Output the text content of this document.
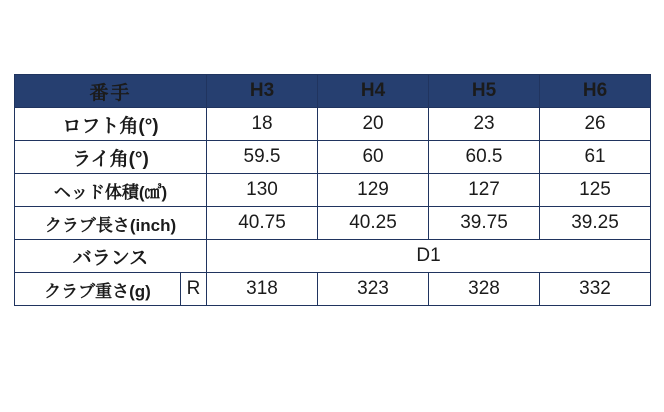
番手		H3	H4	H5	H6
ロフト角(°)		18	20	23	26
ライ角(°)		59.5	60	60.5	61
ヘッド体積(㎤)		130	129	127	125
クラブ長さ(inch)		40.75	40.25	39.75	39.25
バランス		D1			
クラブ重さ(g)	R	318	323	328	332
